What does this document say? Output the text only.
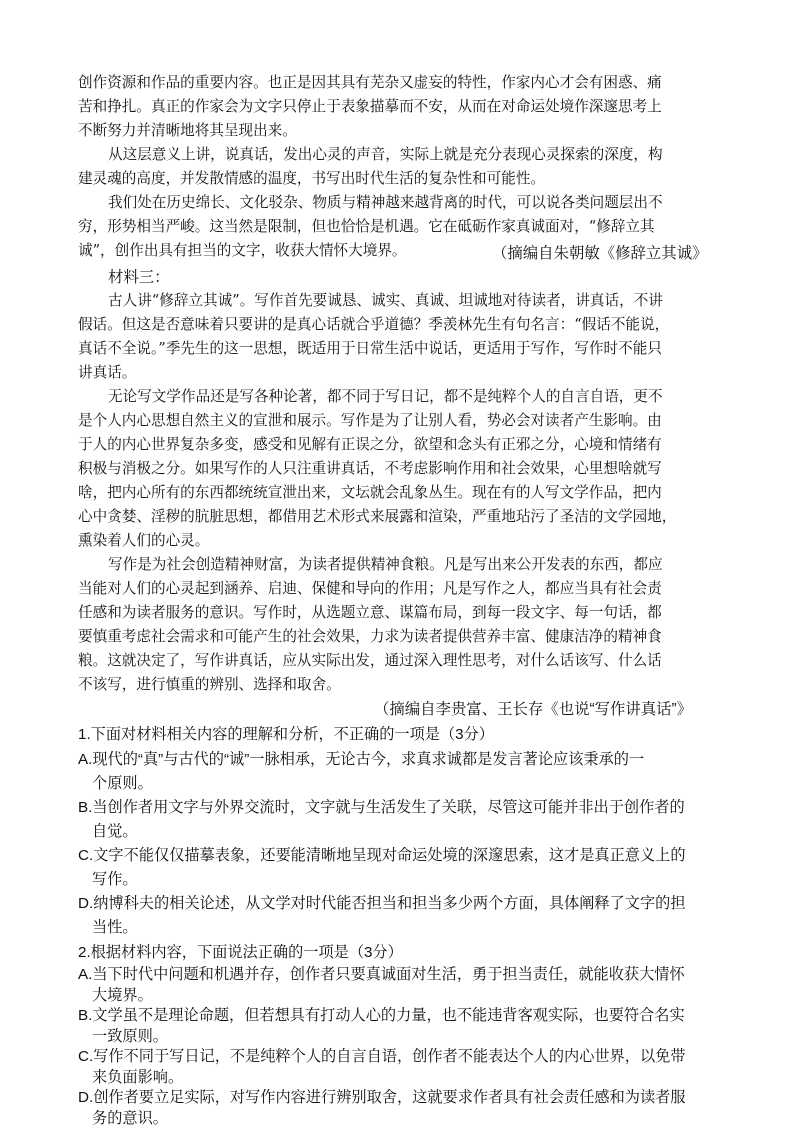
创作资源和作品的重要内容。也正是因其具有芜杂又虚妄的特性，作家内心才会有困惑、痛
苦和挣扎。真正的作家会为文字只停止于表象描摹而不安，从而在对命运处境作深邃思考上
不断努力并清晰地将其呈现出来。
从这层意义上讲，说真话，发出心灵的声音，实际上就是充分表现心灵探索的深度，构
建灵魂的高度，并发散情感的温度，书写出时代生活的复杂性和可能性。
我们处在历史绵长、文化驳杂、物质与精神越来越背离的时代，可以说各类问题层出不
穷，形势相当严峻。这当然是限制，但也恰恰是机遇。它在砥砺作家真诚面对，“修辞立其
诚”，创作出具有担当的文字，收获大情怀大境界。	（摘编自朱朝敏《修辞立其诚》
材料三：
古人讲“修辞立其诚”。写作首先要诚恳、诚实、真诚、坦诚地对待读者，讲真话，不讲
假话。但这是否意味着只要讲的是真心话就合乎道德？季羡林先生有句名言：“假话不能说，
真话不全说。”季先生的这一思想，既适用于日常生活中说话，更适用于写作，写作时不能只
讲真话。
无论写文学作品还是写各种论著，都不同于写日记，都不是纯粹个人的自言自语，更不
是个人内心思想自然主义的宣泄和展示。写作是为了让别人看，势必会对读者产生影响。由
于人的内心世界复杂多变，感受和见解有正误之分，欲望和念头有正邪之分，心境和情绪有
积极与消极之分。如果写作的人只注重讲真话，不考虑影响作用和社会效果，心里想啥就写
啥，把内心所有的东西都统统宣泄出来，文坛就会乱象丛生。现在有的人写文学作品，把内
心中贪婪、淫秽的肮脏思想，都借用艺术形式来展露和渲染，严重地玷污了圣洁的文学园地，
熏染着人们的心灵。
写作是为社会创造精神财富，为读者提供精神食粮。凡是写出来公开发表的东西，都应
当能对人们的心灵起到涵养、启迪、保健和导向的作用；凡是写作之人，都应当具有社会责
任感和为读者服务的意识。写作时，从选题立意、谋篇布局，到每一段文字、每一句话，都
要慎重考虑社会需求和可能产生的社会效果，力求为读者提供营养丰富、健康洁净的精神食
粮。这就决定了，写作讲真话，应从实际出发，通过深入理性思考，对什么话该写、什么话
不该写，进行慎重的辨别、选择和取舍。
（摘编自李贵富、王长存《也说“写作讲真话”》
1.下面对材料相关内容的理解和分析，不正确的一项是（3分）
A.现代的“真”与古代的“诚”一脉相承，无论古今，求真求诚都是发言著论应该秉承的一
个原则。
B.当创作者用文字与外界交流时，文字就与生活发生了关联，尽管这可能并非出于创作者的
自觉。
C.文字不能仅仅描摹表象，还要能清晰地呈现对命运处境的深邃思索，这才是真正意义上的
写作。
D.纳博科夫的相关论述，从文学对时代能否担当和担当多少两个方面，具体阐释了文字的担
当性。
2.根据材料内容，下面说法正确的一项是（3分）
A.当下时代中问题和机遇并存，创作者只要真诚面对生活，勇于担当责任，就能收获大情怀
大境界。
B.文学虽不是理论命题，但若想具有打动人心的力量，也不能违背客观实际，也要符合名实
一致原则。
C.写作不同于写日记，不是纯粹个人的自言自语，创作者不能表达个人的内心世界，以免带
来负面影响。
D.创作者要立足实际，对写作内容进行辨别取舍，这就要求作者具有社会责任感和为读者服
务的意识。
